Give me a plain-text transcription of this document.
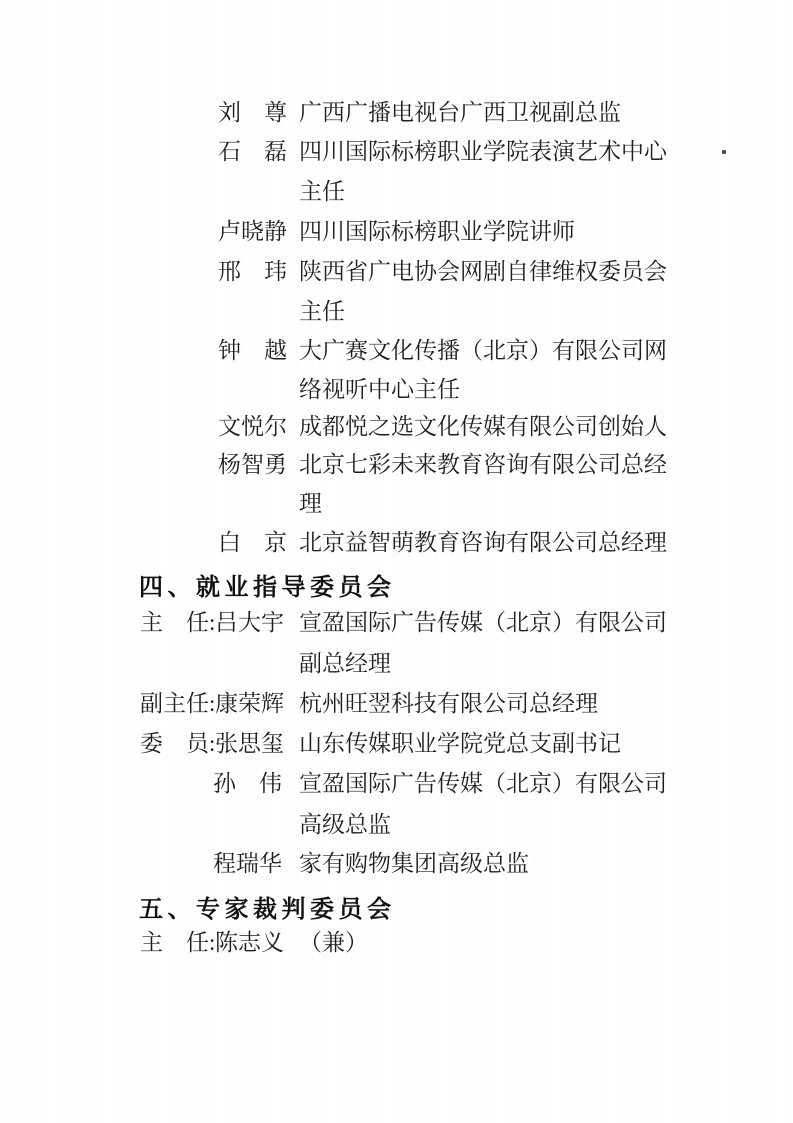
刘　尊 广西广播电视台广西卫视副总监
石　磊 四川国际标榜职业学院表演艺术中心
主任
卢晓静 四川国际标榜职业学院讲师
邢　玮 陕西省广电协会网剧自律维权委员会
主任
钟　越 大广赛文化传播（北京）有限公司网
络视听中心主任
文悦尔 成都悦之选文化传媒有限公司创始人
杨智勇 北京七彩未来教育咨询有限公司总经
理
白　京 北京益智萌教育咨询有限公司总经理
四、就业指导委员会
主　任: 吕大宇 宣盈国际广告传媒（北京）有限公司
副总经理
副主任: 康荣辉 杭州旺翌科技有限公司总经理
委　员: 张思玺 山东传媒职业学院党总支副书记
孙　伟 宣盈国际广告传媒（北京）有限公司
高级总监
程瑞华 家有购物集团高级总监
五、专家裁判委员会
主　任: 陈志义 （兼）
